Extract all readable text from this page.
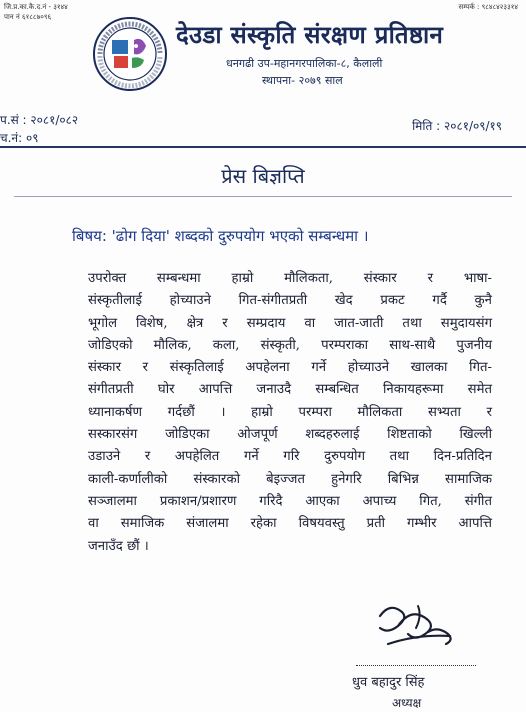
जि.प्र.का.कै.द.नं - ३१४४
पान नं ६१८८७०९६
सम्पर्क : ९८४८४२३३१४
देउडा संस्कृति संरक्षण प्रतिष्ठान
धनगढी उप-महानगरपालिका-८, कैलाली
स्थापना- २०७९ साल
प.सं : २०८१/०८२
च.नं: ०९
मिति : २०८१/०९/१९
प्रेस बिज्ञप्ति
बिषय: 'ढोग दिया' शब्दको दुरुपयोग भएको सम्बन्धमा ।
उपरोक्त सम्बन्धमा हाम्रो मौलिकता, संस्कार र भाषा-
संस्कृतीलाई होच्याउने गित-संगीतप्रती खेद प्रकट गर्दै कुनै
भूगोल विशेष, क्षेत्र र सम्प्रदाय वा जात-जाती तथा समुदायसंग
जोडिएको मौलिक, कला, संस्कृती, परम्पराका साथ-साथै पुजनीय
संस्कार र संस्कृतिलाई अपहेलना गर्ने होच्याउने खालका गित-
संगीतप्रती घोर आपत्ति जनाउदै सम्बन्धित निकायहरूमा समेत
ध्यानाकर्षण गर्दछौं । हाम्रो परम्परा मौलिकता सभ्यता र
सस्कारसंग जोडिएका ओजपूर्ण शब्दहरुलाई शिष्टताको खिल्ली
उडाउने र अपहेलित गर्ने गरि दुरुपयोग तथा दिन-प्रतिदिन
काली-कर्णालीको संस्कारको बेइज्जत हुनेगरि बिभिन्न सामाजिक
सञ्जालमा प्रकाशन/प्रशारण गरिदै आएका अपाच्य गित, संगीत
वा समाजिक संजालमा रहेका विषयवस्तु प्रती गम्भीर आपत्ति
जनाउँद छौं ।
धुव बहादुर सिंह
अध्यक्ष
